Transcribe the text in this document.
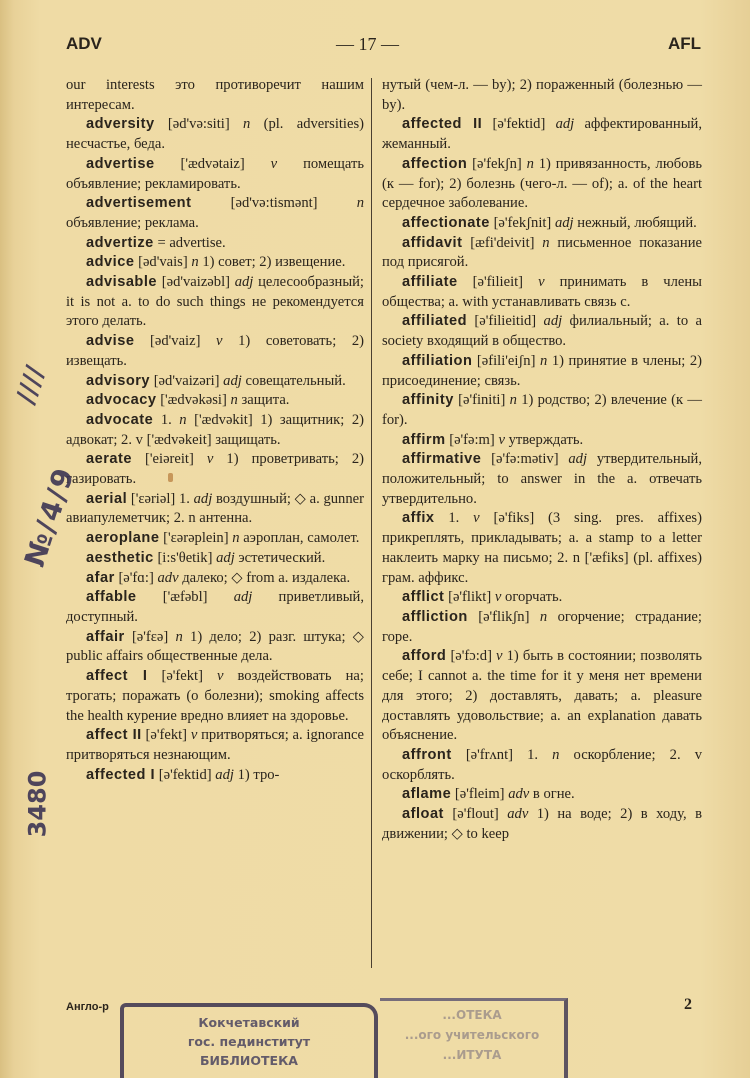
ADV	— 17 —	AFL

our interests это противоречит нашим интересам.

adversity [əd'və:siti] n (pl. adversities) несчастье, беда.

advertise ['ædvətaiz] v помещать объявление; рекламировать.

advertisement	[əd'və:tismənt]	n объявление; реклама.

advertize = advertise.

advice [əd'vais] n 1) совет; 2) извещение.

advisable [əd'vaizəbl] adj целесообразный; it is not a. to do such things не рекомендуется этого делать.

advise [əd'vaiz] v 1) советовать; 2) извещать.

advisory [əd'vaizəri] adj совещательный.

advocacy ['ædvəkəsi] n защита.

advocate 1. n ['ædvəkit] 1) защитник; 2) адвокат; 2. v ['ædvəkeit] защищать.

aerate ['eiəreit] v 1) проветривать; 2) газировать.

aerial ['ɛəriəl] 1. adj воздушный; ◇ a. gunner авиапулеметчик; 2. n антенна.

aeroplane ['ɛərəplein] n аэроплан, самолет.

aesthetic [i:s'θetik] adj эстетический.

afar [ə'fɑ:] adv далеко; ◇ from a. издалека.

affable ['æfəbl] adj приветливый, доступный.

affair [ə'fɛə] n 1) дело; 2) разг. штука; ◇ public affairs общественные дела.

affect I [ə'fekt] v воздействовать на; трогать; поражать (о болезни); smoking affects the health курение вредно влияет на здоровье.

affect II [ə'fekt] v притворяться; a. ignorance притворяться незнающим.

affected I [ə'fektid] adj 1) тро-

нутый (чем-л. — by); 2) пораженный (болезнью — by).

affected II [ə'fektid] adj аффектированный, жеманный.

affection [ə'fekʃn] n 1) привязанность, любовь (к — for); 2) болезнь (чего-л. — of); a. of the heart сердечное заболевание.

affectionate [ə'fekʃnit] adj нежный, любящий.

affidavit [æfi'deivit] n письменное показание под присягой.

affiliate [ə'filieit] v принимать в члены общества; a. with устанавливать связь с.

affiliated [ə'filieitid] adj филиальный; a. to a society входящий в общество.

affiliation [əfili'eiʃn] n 1) принятие в члены; 2) присоединение; связь.

affinity [ə'finiti] n 1) родство; 2) влечение (к — for).

affirm [ə'fə:m] v утверждать.

affirmative [ə'fə:mətiv] adj утвердительный, положительный; to answer in the a. отвечать утвердительно.

affix 1. v [ə'fiks] (3 sing. pres. affixes) прикреплять, прикладывать; a. a stamp to a letter наклеить марку на письмо; 2. n ['æfiks] (pl. affixes) грам. аффикс.

afflict [ə'flikt] v огорчать.

affliction [ə'flikʃn] n огорчение; страдание; горе.

afford [ə'fɔ:d] v 1) быть в состоянии; позволять себе; I cannot a. the time for it у меня нет времени для этого; 2) доставлять, давать; a. pleasure доставлять удовольствие; a. an explanation давать объяснение.

affront [ə'frʌnt] 1. n оскорбление; 2. v оскорблять.

aflame [ə'fleim] adv в огне.

afloat [ə'flout] adv 1) на воде; 2) в ходу, в движении; ◇ to keep

////
№/4/9
3480
Англо-р	2
Кокчетавский
гос. пединститут
БИБЛИОТЕКА
...ОТЕКА
...ого учительского
...ИТУТА
